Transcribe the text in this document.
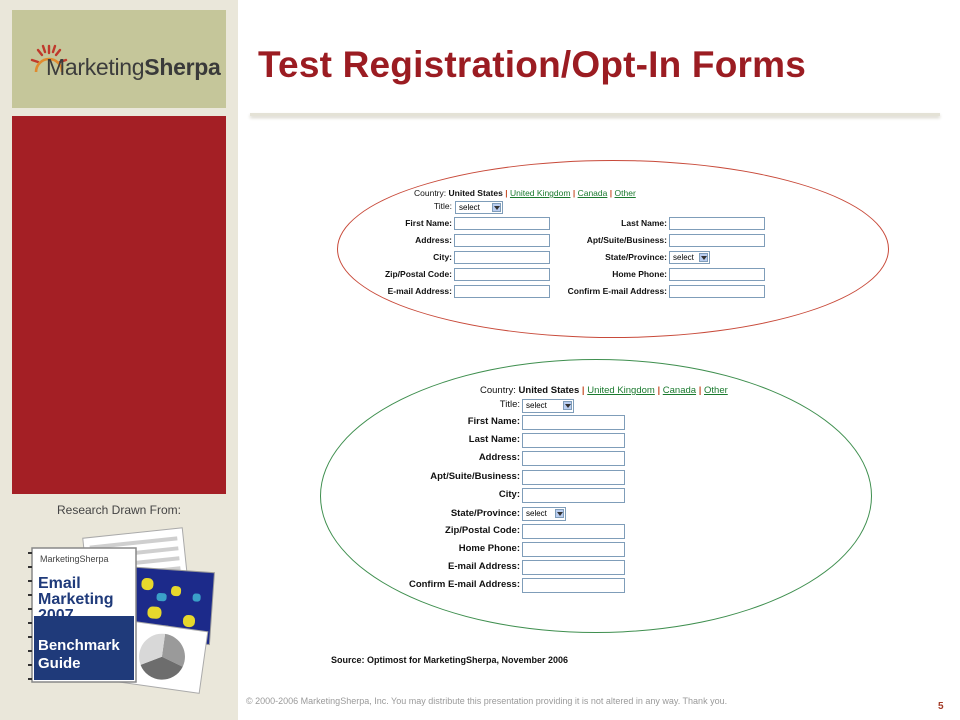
MarketingSherpa
Research Drawn From:
MarketingSherpa
Email
Marketing
2007
Benchmark
Guide
Test Registration/Opt-In Forms
Country: United States | United Kingdom | Canada | Other
Title: select
First Name:
Address:
City:
Zip/Postal Code:
E-mail Address:
Last Name:
Apt/Suite/Business:
State/Province: select
Home Phone:
Confirm E-mail Address:
Country: United States | United Kingdom | Canada | Other
Title: select
First Name:
Last Name:
Address:
Apt/Suite/Business:
City:
State/Province: select
Zip/Postal Code:
Home Phone:
E-mail Address:
Confirm E-mail Address:
Source: Optimost for MarketingSherpa, November 2006
© 2000-2006 MarketingSherpa, Inc. You may distribute this presentation providing it is not altered in any way. Thank you.	5
